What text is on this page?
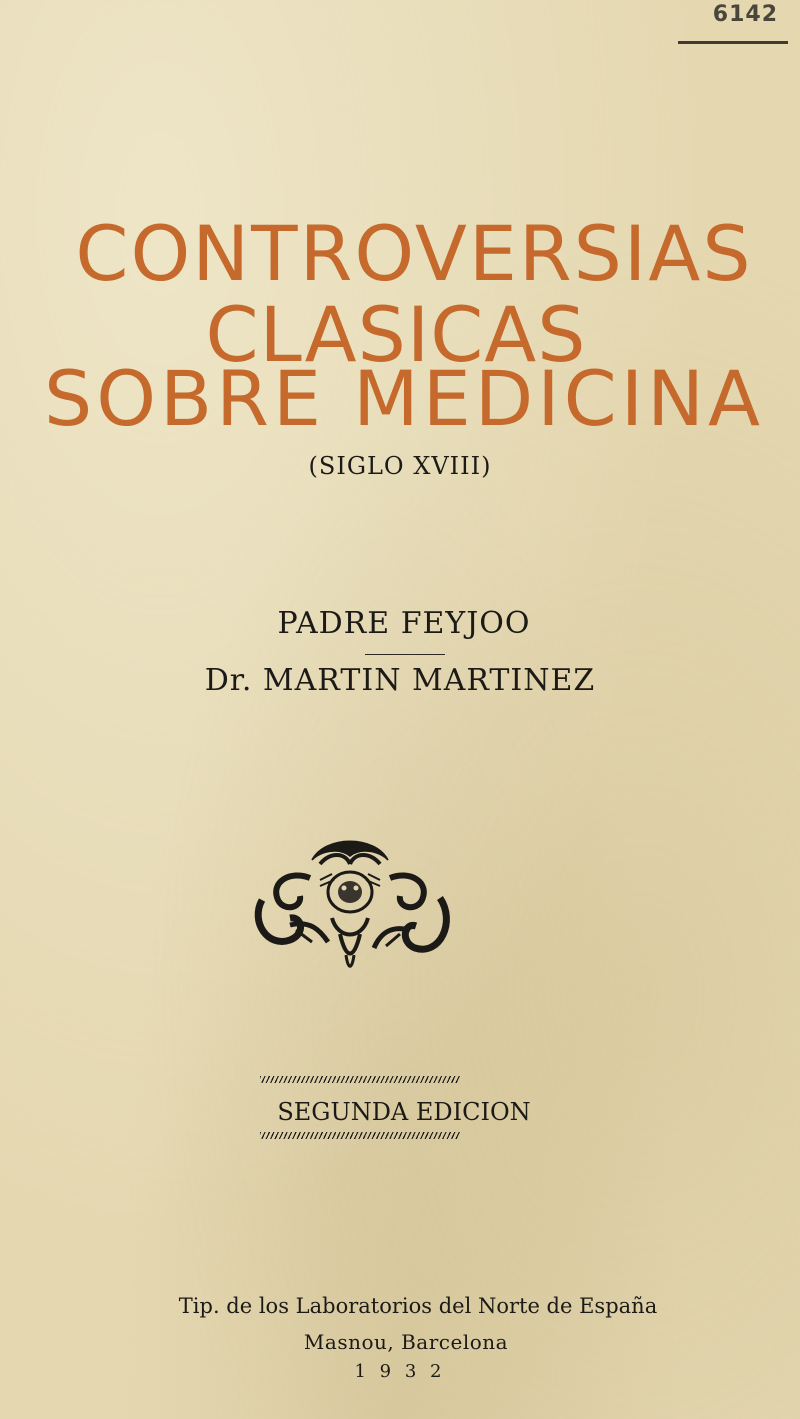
6142
CONTROVERSIAS
CLASICAS
SOBRE MEDICINA
(SIGLO XVIII)
PADRE FEYJOO
Dr. MARTIN MARTINEZ
SEGUNDA EDICION
Tip. de los Laboratorios del Norte de España
Masnou, Barcelona
1 9 3 2
